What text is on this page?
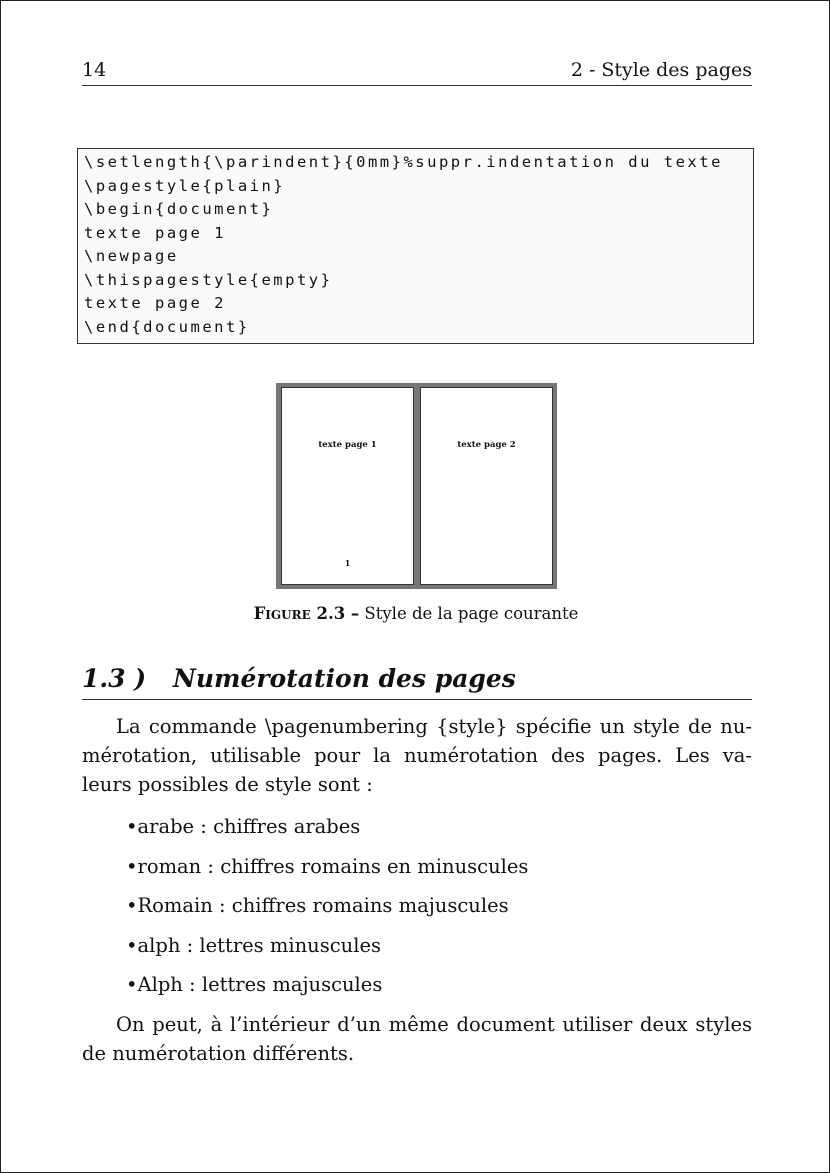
14	2 - Style des pages
\setlength{\parindent}{0mm}%suppr.indentation du texte
\pagestyle{plain}
\begin{document}
texte page 1
\newpage
\thispagestyle{empty}
texte page 2
\end{document}
texte page 1
1
texte page 2
Figure 2.3 – Style de la page courante
1.3 ) Numérotation des pages
La commande \pagenumbering {style} spécifie un style de nu-
mérotation, utilisable pour la numérotation des pages. Les va-
leurs possibles de style sont :
•arabe : chiffres arabes
•roman : chiffres romains en minuscules
•Romain : chiffres romains majuscules
•alph : lettres minuscules
•Alph : lettres majuscules
On peut, à l’intérieur d’un même document utiliser deux styles
de numérotation différents.
